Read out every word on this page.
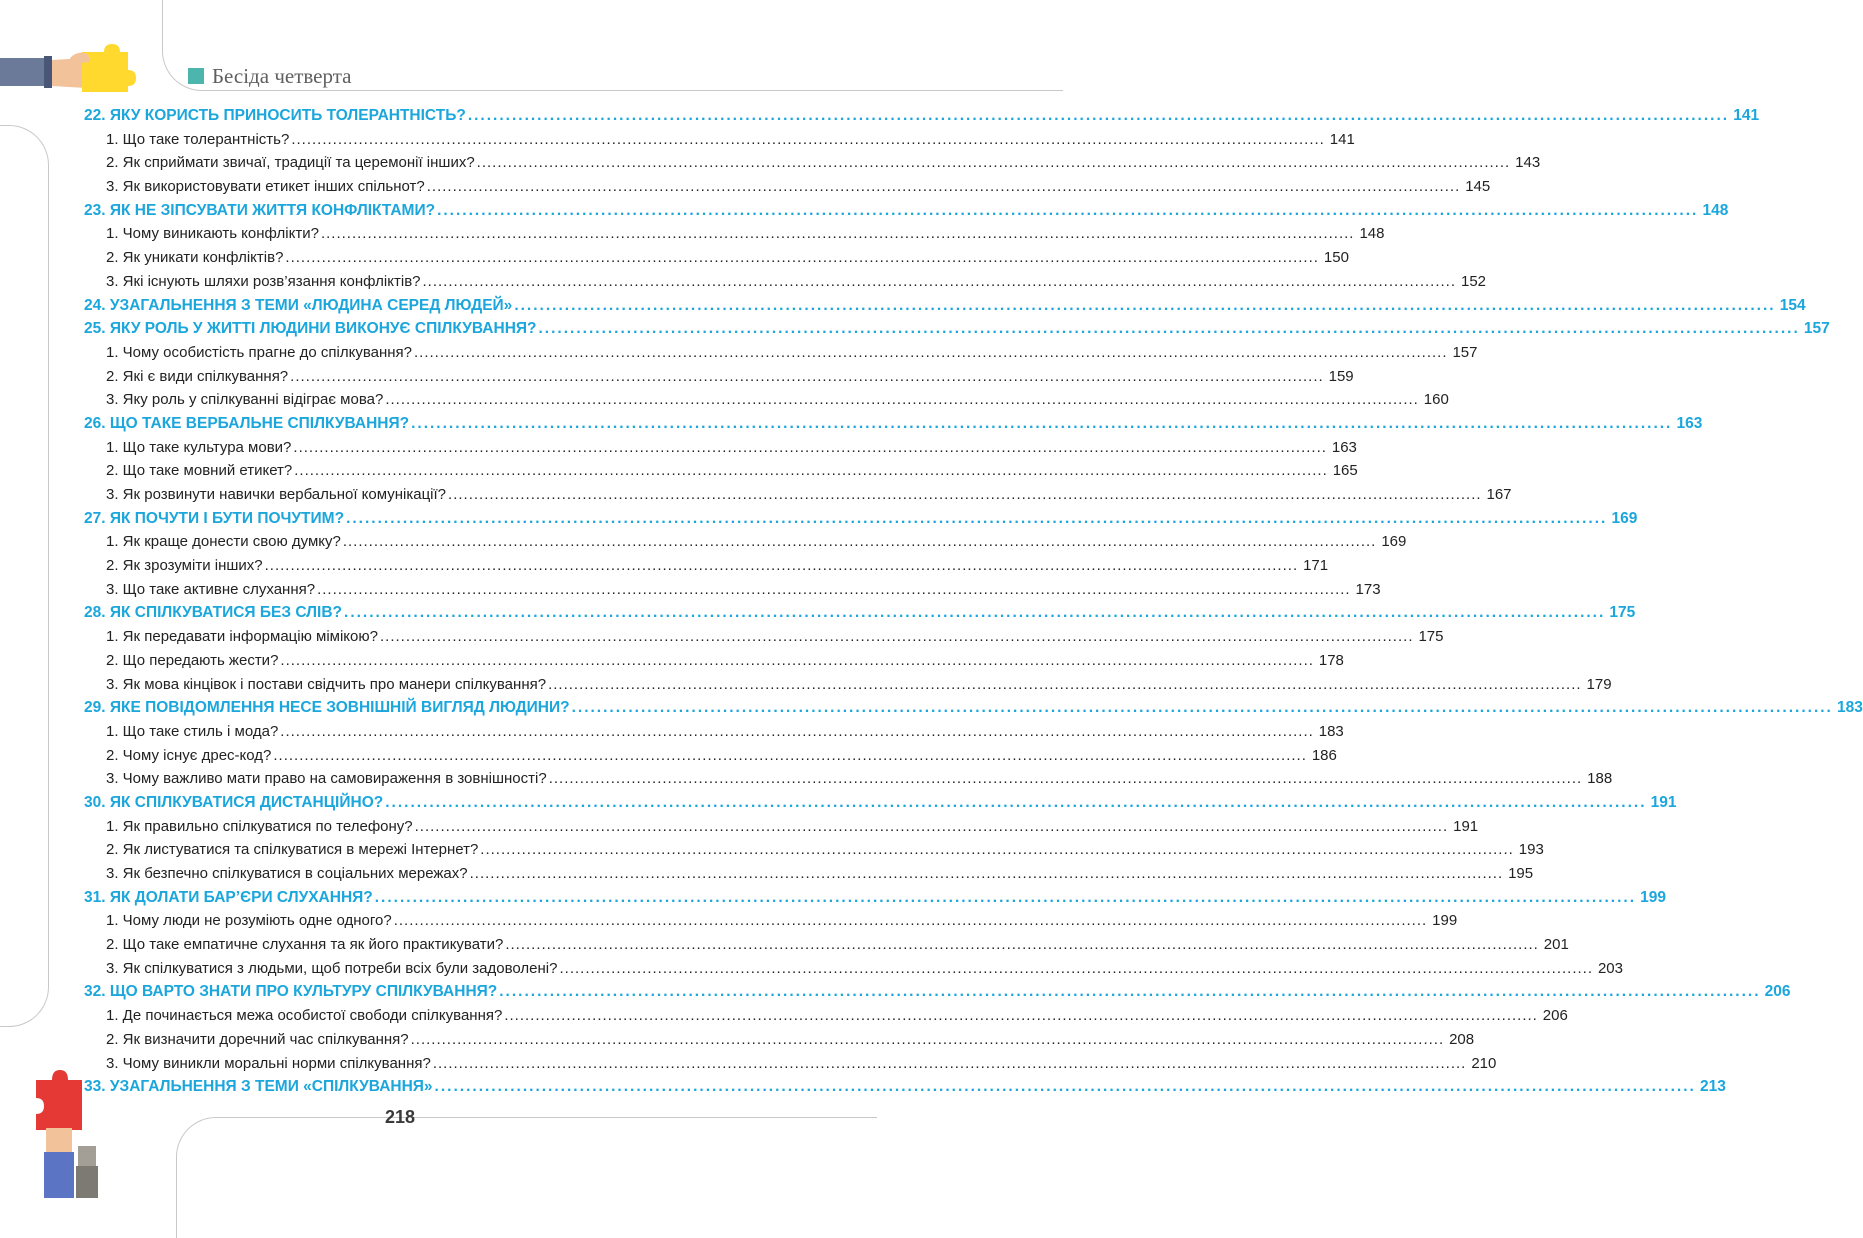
Бесіда четверта
22. ЯКУ КОРИСТЬ ПРИНОСИТЬ ТОЛЕРАНТНІСТЬ? ........................................................................................................................................................................................................ 141
1. Що таке толерантність? ........................................................................................................................................................................................................ 141
2. Як сприймати звичаї, традиції та церемонії інших? ........................................................................................................................................................................................................ 143
3. Як використовувати етикет інших спільнот? ........................................................................................................................................................................................................ 145
23. ЯК НЕ ЗІПСУВАТИ ЖИТТЯ КОНФЛІКТАМИ? ........................................................................................................................................................................................................ 148
1. Чому виникають конфлікти? ........................................................................................................................................................................................................ 148
2. Як уникати конфліктів? ........................................................................................................................................................................................................ 150
3. Які існують шляхи розв’язання конфліктів? ........................................................................................................................................................................................................ 152
24. УЗАГАЛЬНЕННЯ З ТЕМИ «ЛЮДИНА СЕРЕД ЛЮДЕЙ» ........................................................................................................................................................................................................ 154
25. ЯКУ РОЛЬ У ЖИТТІ ЛЮДИНИ ВИКОНУЄ СПІЛКУВАННЯ? ........................................................................................................................................................................................................ 157
1. Чому особистість прагне до спілкування? ........................................................................................................................................................................................................ 157
2. Які є види спілкування? ........................................................................................................................................................................................................ 159
3. Яку роль у спілкуванні відіграє мова? ........................................................................................................................................................................................................ 160
26. ЩО ТАКЕ ВЕРБАЛЬНЕ СПІЛКУВАННЯ? ........................................................................................................................................................................................................ 163
1. Що таке культура мови? ........................................................................................................................................................................................................ 163
2. Що таке мовний етикет? ........................................................................................................................................................................................................ 165
3. Як розвинути навички вербальної комунікації? ........................................................................................................................................................................................................ 167
27. ЯК ПОЧУТИ І БУТИ ПОЧУТИМ? ........................................................................................................................................................................................................ 169
1. Як краще донести свою думку? ........................................................................................................................................................................................................ 169
2. Як зрозуміти інших? ........................................................................................................................................................................................................ 171
3. Що таке активне слухання? ........................................................................................................................................................................................................ 173
28. ЯК СПІЛКУВАТИСЯ БЕЗ СЛІВ? ........................................................................................................................................................................................................ 175
1. Як передавати інформацію мімікою? ........................................................................................................................................................................................................ 175
2. Що передають жести? ........................................................................................................................................................................................................ 178
3. Як мова кінцівок і постави свідчить про манери спілкування? ........................................................................................................................................................................................................ 179
29. ЯКЕ ПОВІДОМЛЕННЯ НЕСЕ ЗОВНІШНІЙ ВИГЛЯД ЛЮДИНИ? ........................................................................................................................................................................................................ 183
1. Що таке стиль і мода? ........................................................................................................................................................................................................ 183
2. Чому існує дрес-код? ........................................................................................................................................................................................................ 186
3. Чому важливо мати право на самовираження в зовнішності? ........................................................................................................................................................................................................ 188
30. ЯК СПІЛКУВАТИСЯ ДИСТАНЦІЙНО? ........................................................................................................................................................................................................ 191
1. Як правильно спілкуватися по телефону? ........................................................................................................................................................................................................ 191
2. Як листуватися та спілкуватися в мережі Інтернет? ........................................................................................................................................................................................................ 193
3. Як безпечно спілкуватися в соціальних мережах? ........................................................................................................................................................................................................ 195
31. ЯК ДОЛАТИ БАР’ЄРИ СЛУХАННЯ? ........................................................................................................................................................................................................ 199
1. Чому люди не розуміють одне одного? ........................................................................................................................................................................................................ 199
2. Що таке емпатичне слухання та як його практикувати? ........................................................................................................................................................................................................ 201
3. Як спілкуватися з людьми, щоб потреби всіх були задоволені? ........................................................................................................................................................................................................ 203
32. ЩО ВАРТО ЗНАТИ ПРО КУЛЬТУРУ СПІЛКУВАННЯ? ........................................................................................................................................................................................................ 206
1. Де починається межа особистої свободи спілкування? ........................................................................................................................................................................................................ 206
2. Як визначити доречний час спілкування? ........................................................................................................................................................................................................ 208
3. Чому виникли моральні норми спілкування? ........................................................................................................................................................................................................ 210
33. УЗАГАЛЬНЕННЯ З ТЕМИ «СПІЛКУВАННЯ» ........................................................................................................................................................................................................ 213
218
